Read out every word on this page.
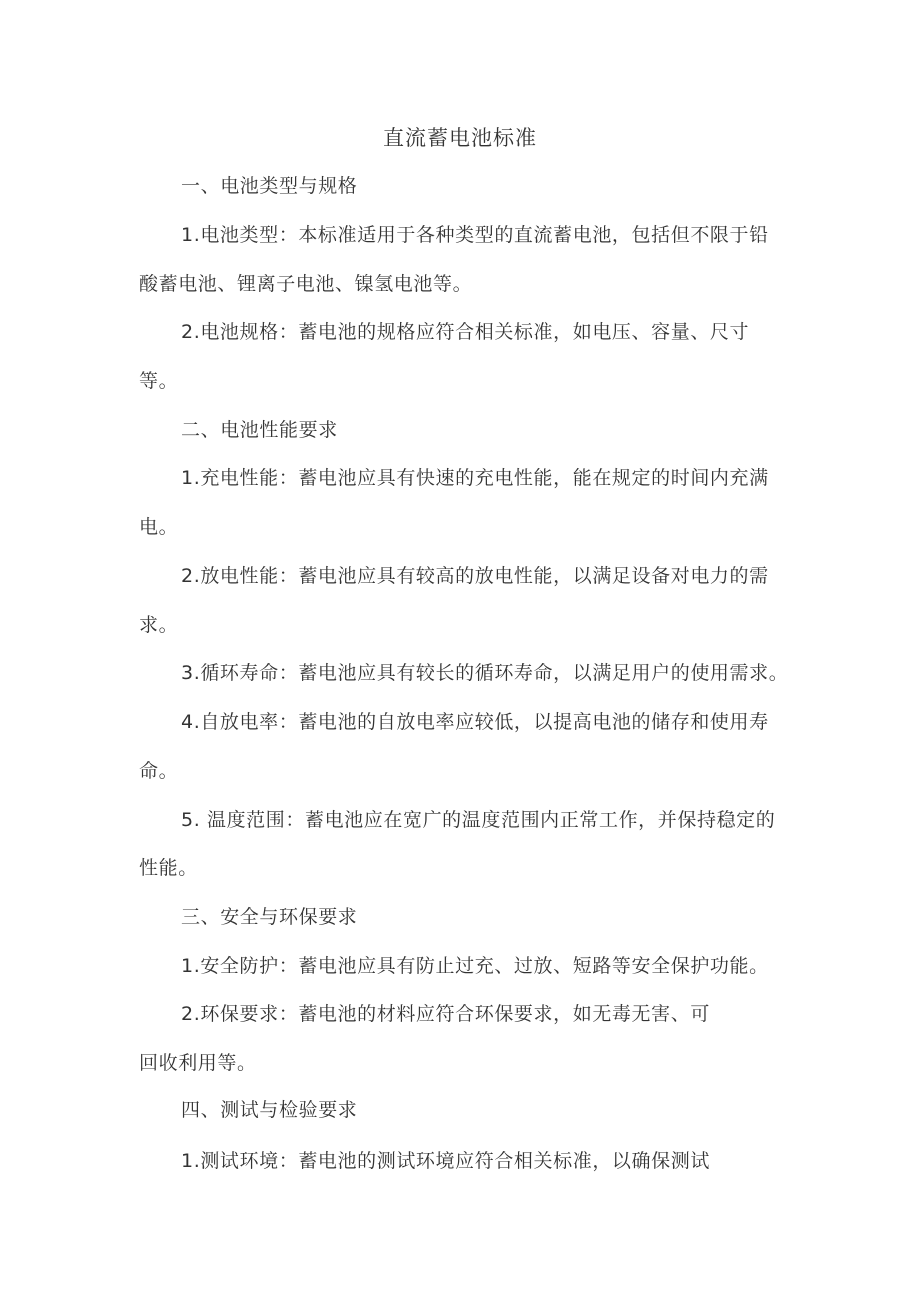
直流蓄电池标准
一、电池类型与规格
1.电池类型：本标准适用于各种类型的直流蓄电池，包括但不限于铅
酸蓄电池、锂离子电池、镍氢电池等。
2.电池规格：蓄电池的规格应符合相关标准，如电压、容量、尺寸
等。
二、电池性能要求
1.充电性能：蓄电池应具有快速的充电性能，能在规定的时间内充满
电。
2.放电性能：蓄电池应具有较高的放电性能，以满足设备对电力的需
求。
3.循环寿命：蓄电池应具有较长的循环寿命，以满足用户的使用需求。
4.自放电率：蓄电池的自放电率应较低，以提高电池的储存和使用寿
命。
5. 温度范围：蓄电池应在宽广的温度范围内正常工作，并保持稳定的
性能。
三、安全与环保要求
1.安全防护：蓄电池应具有防止过充、过放、短路等安全保护功能。
2.环保要求：蓄电池的材料应符合环保要求，如无毒无害、可
回收利用等。
四、测试与检验要求
1.测试环境：蓄电池的测试环境应符合相关标准，以确保测试
